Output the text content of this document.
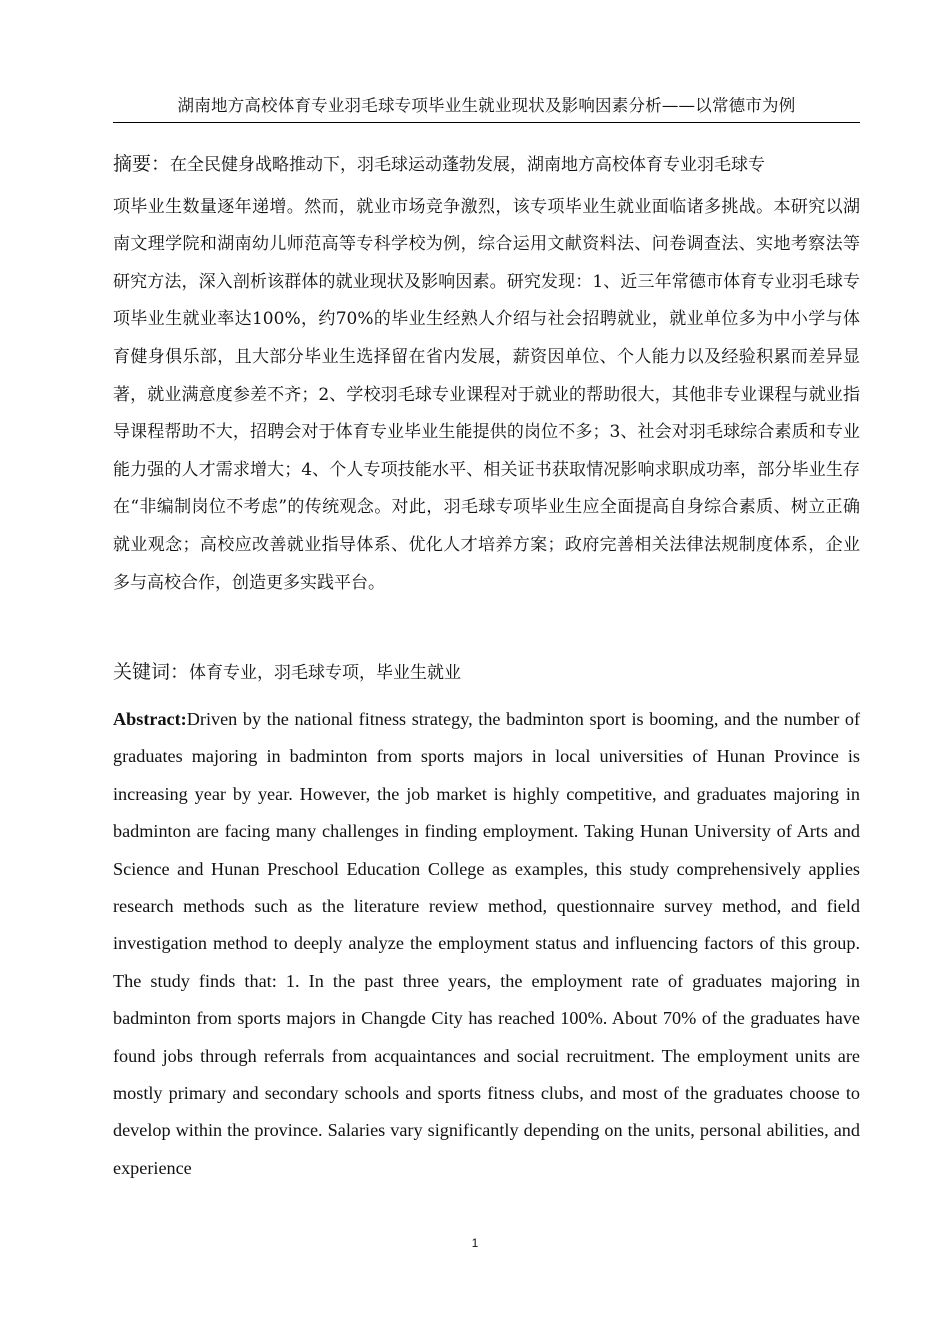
湖南地方高校体育专业羽毛球专项毕业生就业现状及影响因素分析——以常德市为例
摘要：在全民健身战略推动下，羽毛球运动蓬勃发展，湖南地方高校体育专业羽毛球专
项毕业生数量逐年递增。然而，就业市场竞争激烈，该专项毕业生就业面临诸多挑战。本研究以湖南文理学院和湖南幼儿师范高等专科学校为例，综合运用文献资料法、问卷调查法、实地考察法等研究方法，深入剖析该群体的就业现状及影响因素。研究发现：1、近三年常德市体育专业羽毛球专项毕业生就业率达100%，约70%的毕业生经熟人介绍与社会招聘就业，就业单位多为中小学与体育健身俱乐部，且大部分毕业生选择留在省内发展，薪资因单位、个人能力以及经验积累而差异显著，就业满意度参差不齐；2、学校羽毛球专业课程对于就业的帮助很大，其他非专业课程与就业指导课程帮助不大，招聘会对于体育专业毕业生能提供的岗位不多；3、社会对羽毛球综合素质和专业能力强的人才需求增大；4、个人专项技能水平、相关证书获取情况影响求职成功率，部分毕业生存在“非编制岗位不考虑”的传统观念。对此，羽毛球专项毕业生应全面提高自身综合素质、树立正确就业观念；高校应改善就业指导体系、优化人才培养方案；政府完善相关法律法规制度体系，企业多与高校合作，创造更多实践平台。
关键词：体育专业，羽毛球专项，毕业生就业
Abstract:Driven by the national fitness strategy, the badminton sport is booming, and the number of graduates majoring in badminton from sports majors in local universities of Hunan Province is increasing year by year. However, the job market is highly competitive, and graduates majoring in badminton are facing many challenges in finding employment. Taking Hunan University of Arts and Science and Hunan Preschool Education College as examples, this study comprehensively applies research methods such as the literature review method, questionnaire survey method, and field investigation method to deeply analyze the employment status and influencing factors of this group. The study finds that: 1. In the past three years, the employment rate of graduates majoring in badminton from sports majors in Changde City has reached 100%. About 70% of the graduates have found jobs through referrals from acquaintances and social recruitment. The employment units are mostly primary and secondary schools and sports fitness clubs, and most of the graduates choose to develop within the province. Salaries vary significantly depending on the units, personal abilities, and experience
1
